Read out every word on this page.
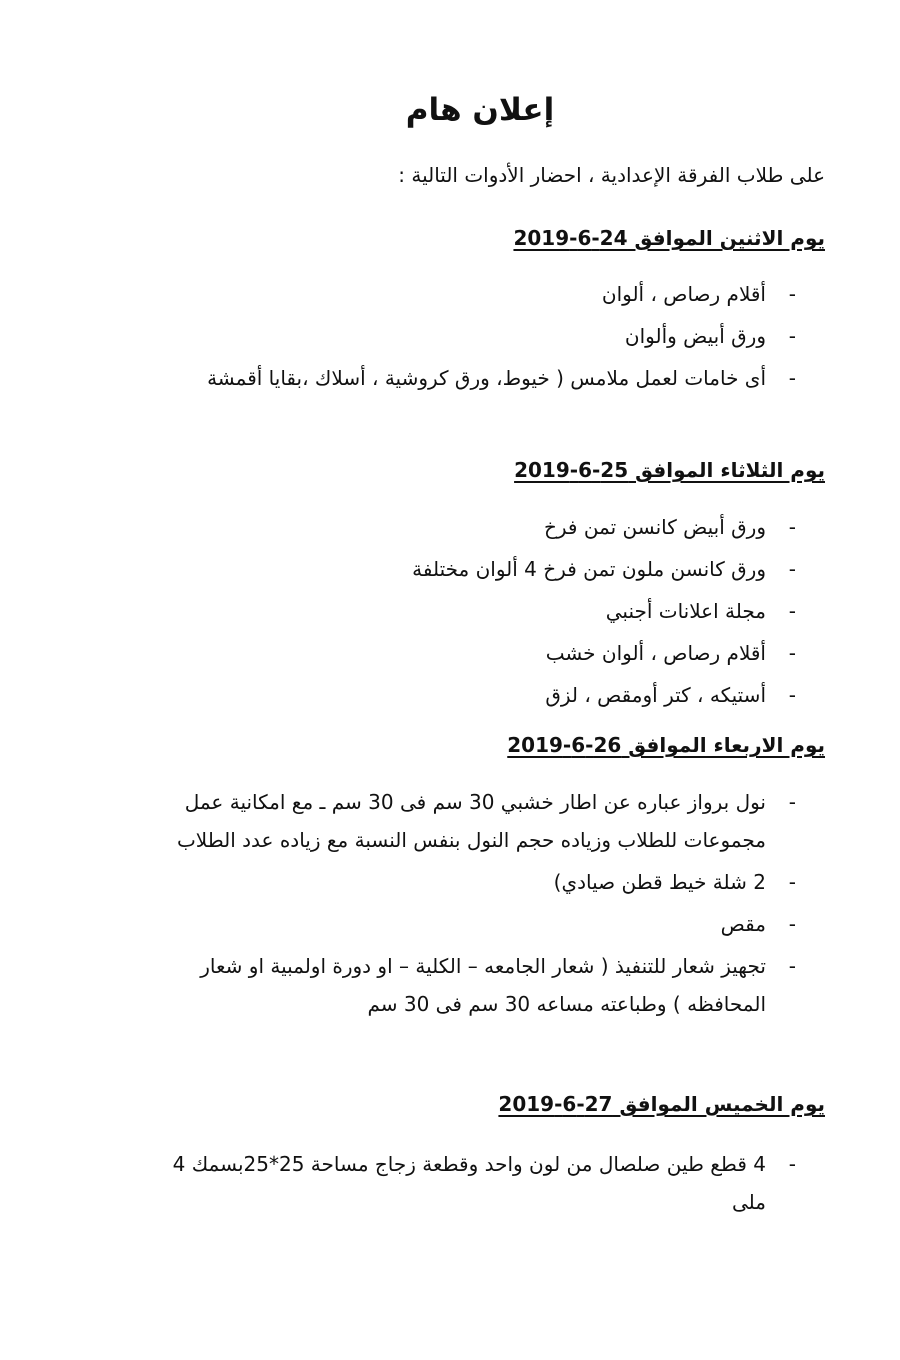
إعلان هام

على طلاب الفرقة الإعدادية ، احضار الأدوات التالية :

يوم الاثنين الموافق 24-6-2019
-
أقلام رصاص ، ألوان
-
ورق أبيض وألوان
-
أى خامات لعمل ملامس ( خيوط، ورق كروشية ، أسلاك ،بقايا أقمشة
يوم الثلاثاء الموافق 25-6-2019
-
ورق أبيض كانسن تمن فرخ
-
ورق كانسن ملون تمن فرخ 4 ألوان مختلفة
-
مجلة اعلانات أجنبي
-
أقلام رصاص ، ألوان خشب
-
أستيكه ، كتر أومقص ، لزق
يوم الاربعاء الموافق 26-6-2019
-
نول برواز عباره عن اطار خشبي 30 سم فى 30 سم ـ مع امكانية عمل مجموعات للطلاب وزياده حجم النول بنفس النسبة مع زياده عدد الطلاب
-
2 شلة خيط قطن صيادي)
-
مقص
-
تجهيز شعار للتنفيذ ( شعار الجامعه – الكلية – او دورة اولمبية او شعار المحافظه ) وطباعته مساعه 30 سم فى 30 سم
يوم الخميس الموافق 27-6-2019
-
4 قطع طين صلصال من لون واحد وقطعة زجاج مساحة 25*25بسمك 4 ملى
